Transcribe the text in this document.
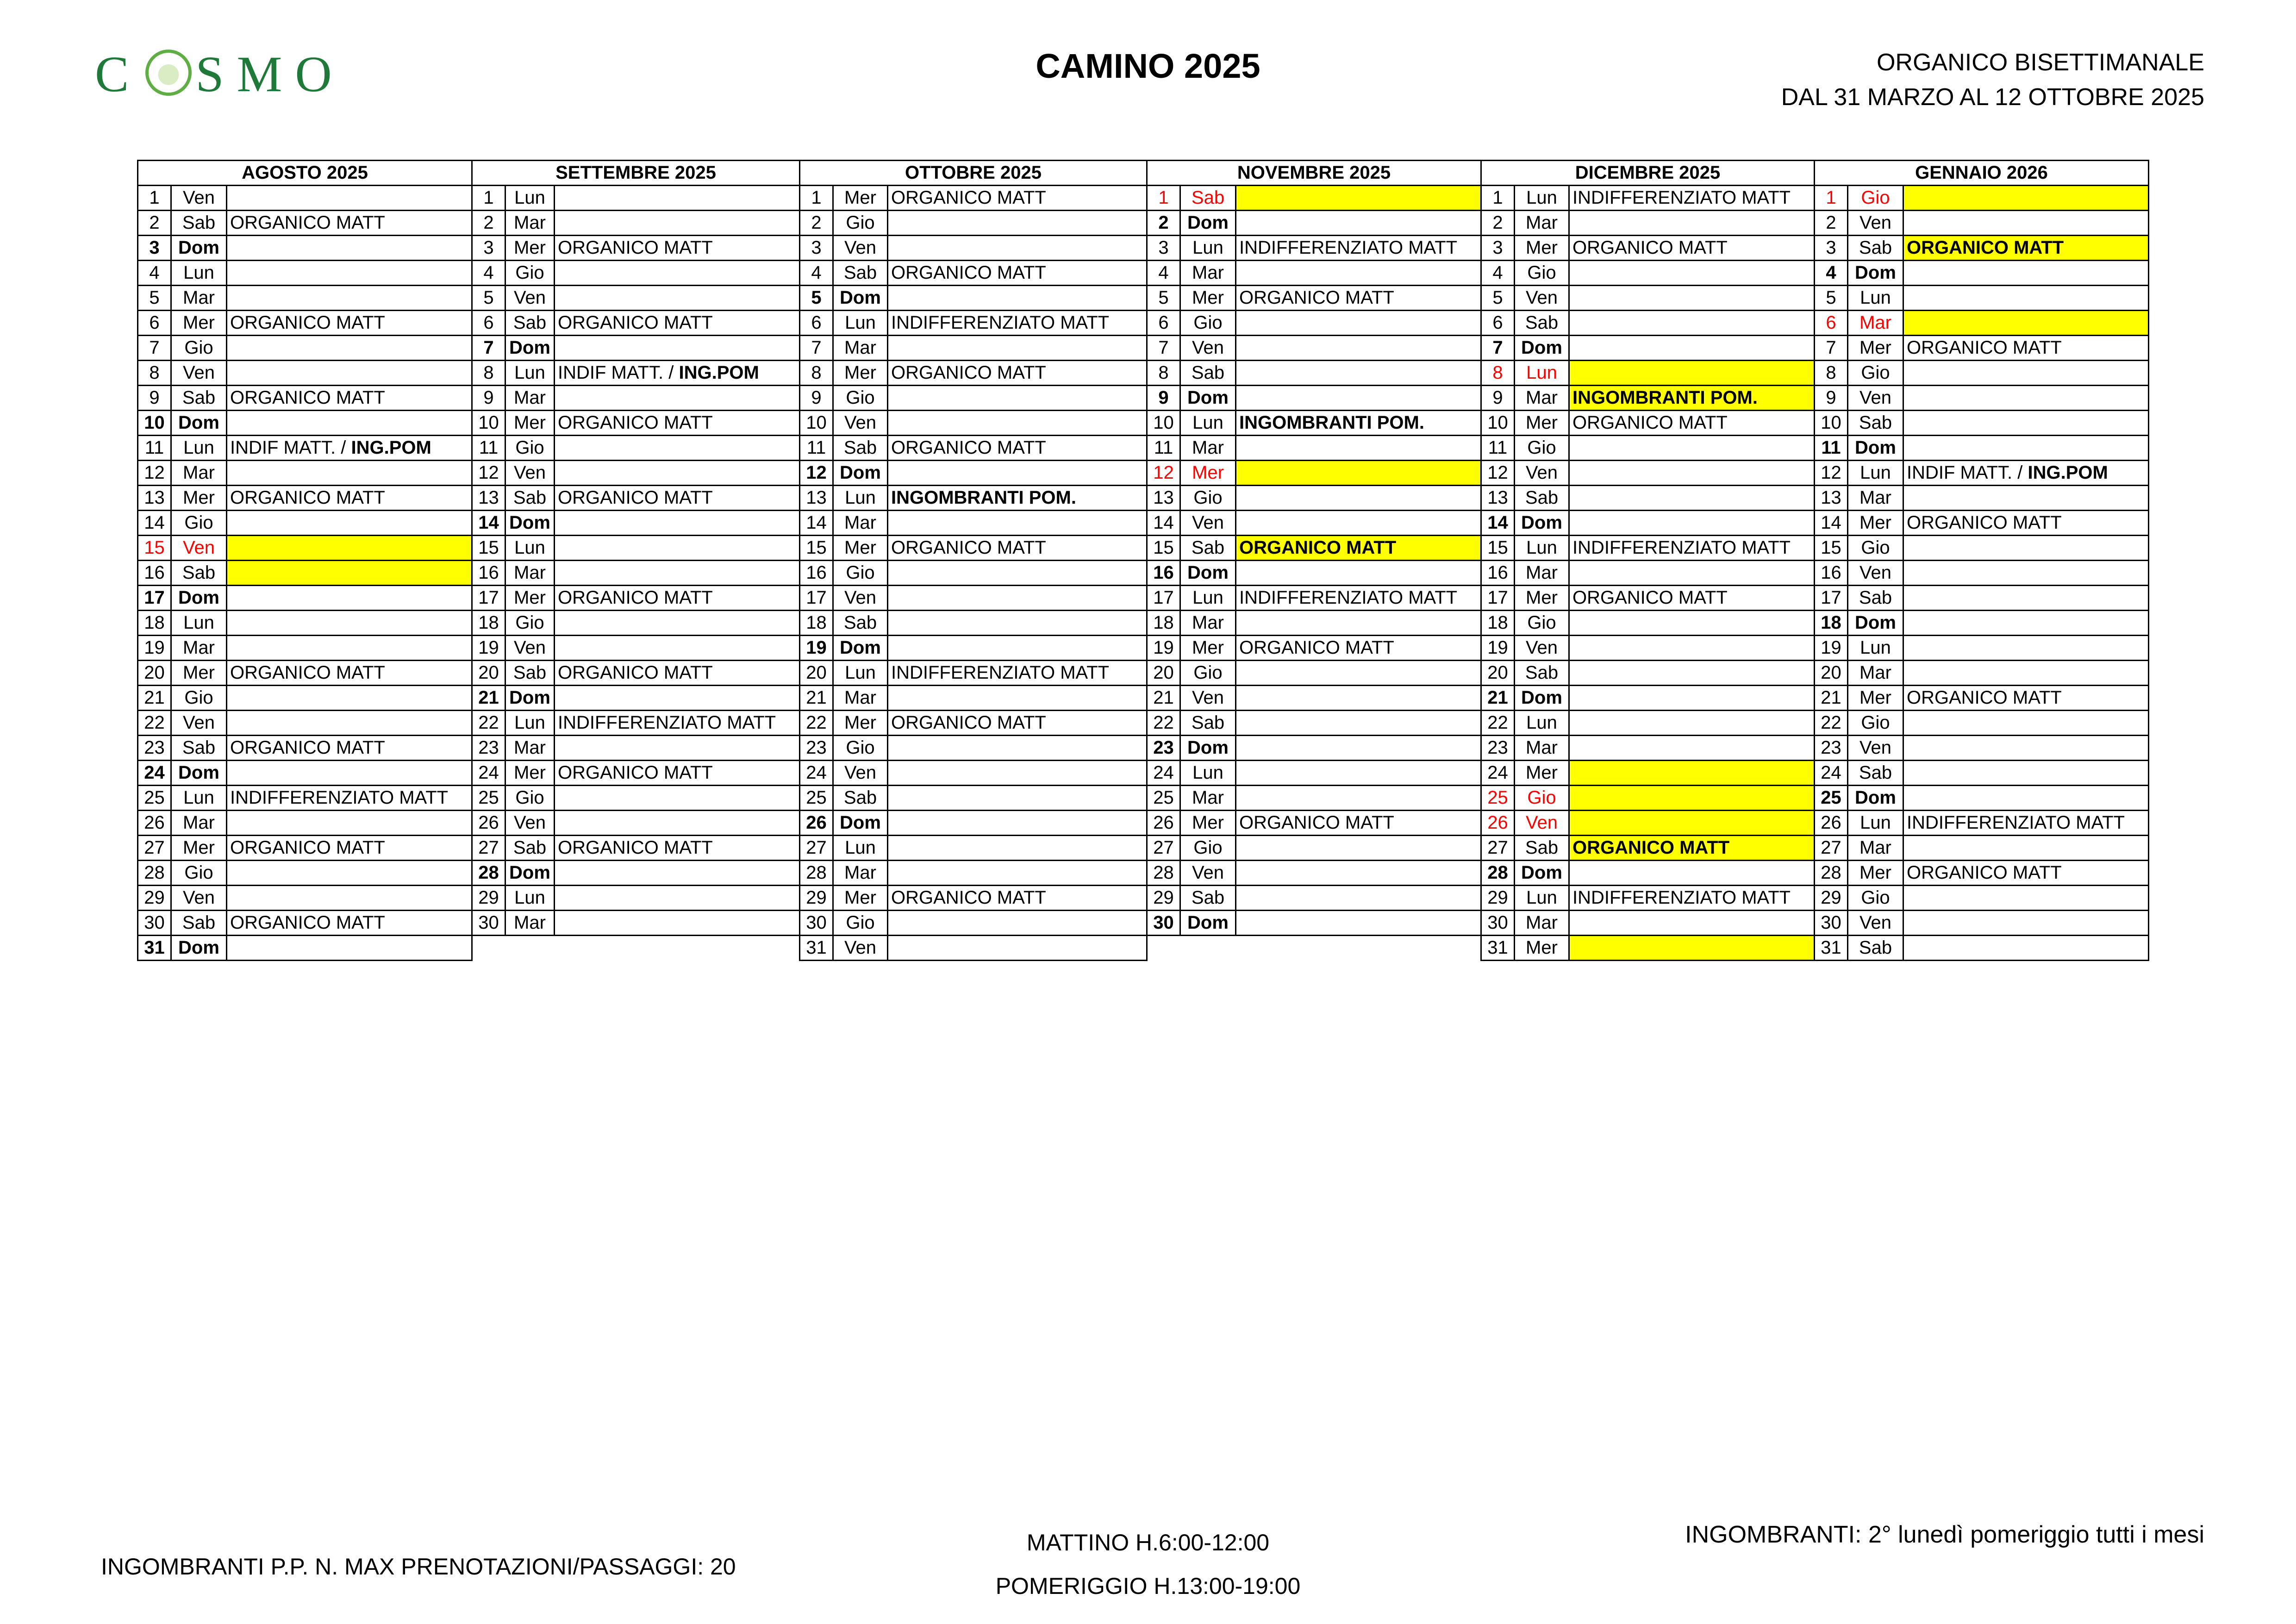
C SMO	CAMINO 2025	ORGANICO BISETTIMANALE
DAL 31 MARZO AL 12 OTTOBRE 2025
AGOSTO 2025			SETTEMBRE 2025			OTTOBRE 2025			NOVEMBRE 2025			DICEMBRE 2025			GENNAIO 2026		
1	Ven		1	Lun		1	Mer	ORGANICO MATT	1	Sab		1	Lun	INDIFFERENZIATO MATT	1	Gio	
2	Sab	ORGANICO MATT	2	Mar		2	Gio		2	Dom		2	Mar		2	Ven	
3	Dom		3	Mer	ORGANICO MATT	3	Ven		3	Lun	INDIFFERENZIATO MATT	3	Mer	ORGANICO MATT	3	Sab	ORGANICO MATT
4	Lun		4	Gio		4	Sab	ORGANICO MATT	4	Mar		4	Gio		4	Dom	
5	Mar		5	Ven		5	Dom		5	Mer	ORGANICO MATT	5	Ven		5	Lun	
6	Mer	ORGANICO MATT	6	Sab	ORGANICO MATT	6	Lun	INDIFFERENZIATO MATT	6	Gio		6	Sab		6	Mar	
7	Gio		7	Dom		7	Mar		7	Ven		7	Dom		7	Mer	ORGANICO MATT
8	Ven		8	Lun	INDIF MATT. / ING.POM	8	Mer	ORGANICO MATT	8	Sab		8	Lun		8	Gio	
9	Sab	ORGANICO MATT	9	Mar		9	Gio		9	Dom		9	Mar	INGOMBRANTI POM.	9	Ven	
10	Dom		10	Mer	ORGANICO MATT	10	Ven		10	Lun	INGOMBRANTI POM.	10	Mer	ORGANICO MATT	10	Sab	
11	Lun	INDIF MATT. / ING.POM	11	Gio		11	Sab	ORGANICO MATT	11	Mar		11	Gio		11	Dom	
12	Mar		12	Ven		12	Dom		12	Mer		12	Ven		12	Lun	INDIF MATT. / ING.POM
13	Mer	ORGANICO MATT	13	Sab	ORGANICO MATT	13	Lun	INGOMBRANTI POM.	13	Gio		13	Sab		13	Mar	
14	Gio		14	Dom		14	Mar		14	Ven		14	Dom		14	Mer	ORGANICO MATT
15	Ven		15	Lun		15	Mer	ORGANICO MATT	15	Sab	ORGANICO MATT	15	Lun	INDIFFERENZIATO MATT	15	Gio	
16	Sab		16	Mar		16	Gio		16	Dom		16	Mar		16	Ven	
17	Dom		17	Mer	ORGANICO MATT	17	Ven		17	Lun	INDIFFERENZIATO MATT	17	Mer	ORGANICO MATT	17	Sab	
18	Lun		18	Gio		18	Sab		18	Mar		18	Gio		18	Dom	
19	Mar		19	Ven		19	Dom		19	Mer	ORGANICO MATT	19	Ven		19	Lun	
20	Mer	ORGANICO MATT	20	Sab	ORGANICO MATT	20	Lun	INDIFFERENZIATO MATT	20	Gio		20	Sab		20	Mar	
21	Gio		21	Dom		21	Mar		21	Ven		21	Dom		21	Mer	ORGANICO MATT
22	Ven		22	Lun	INDIFFERENZIATO MATT	22	Mer	ORGANICO MATT	22	Sab		22	Lun		22	Gio	
23	Sab	ORGANICO MATT	23	Mar		23	Gio		23	Dom		23	Mar		23	Ven	
24	Dom		24	Mer	ORGANICO MATT	24	Ven		24	Lun		24	Mer		24	Sab	
25	Lun	INDIFFERENZIATO MATT	25	Gio		25	Sab		25	Mar		25	Gio		25	Dom	
26	Mar		26	Ven		26	Dom		26	Mer	ORGANICO MATT	26	Ven		26	Lun	INDIFFERENZIATO MATT
27	Mer	ORGANICO MATT	27	Sab	ORGANICO MATT	27	Lun		27	Gio		27	Sab	ORGANICO MATT	27	Mar	
28	Gio		28	Dom		28	Mar		28	Ven		28	Dom		28	Mer	ORGANICO MATT
29	Ven		29	Lun		29	Mer	ORGANICO MATT	29	Sab		29	Lun	INDIFFERENZIATO MATT	29	Gio	
30	Sab	ORGANICO MATT	30	Mar		30	Gio		30	Dom		30	Mar		30	Ven	
31	Dom					31	Ven					31	Mer		31	Sab	
INGOMBRANTI P.P. N. MAX PRENOTAZIONI/PASSAGGI: 20
MATTINO H.6:00-12:00
POMERIGGIO H.13:00-19:00
INGOMBRANTI: 2° lunedì pomeriggio tutti i mesi
